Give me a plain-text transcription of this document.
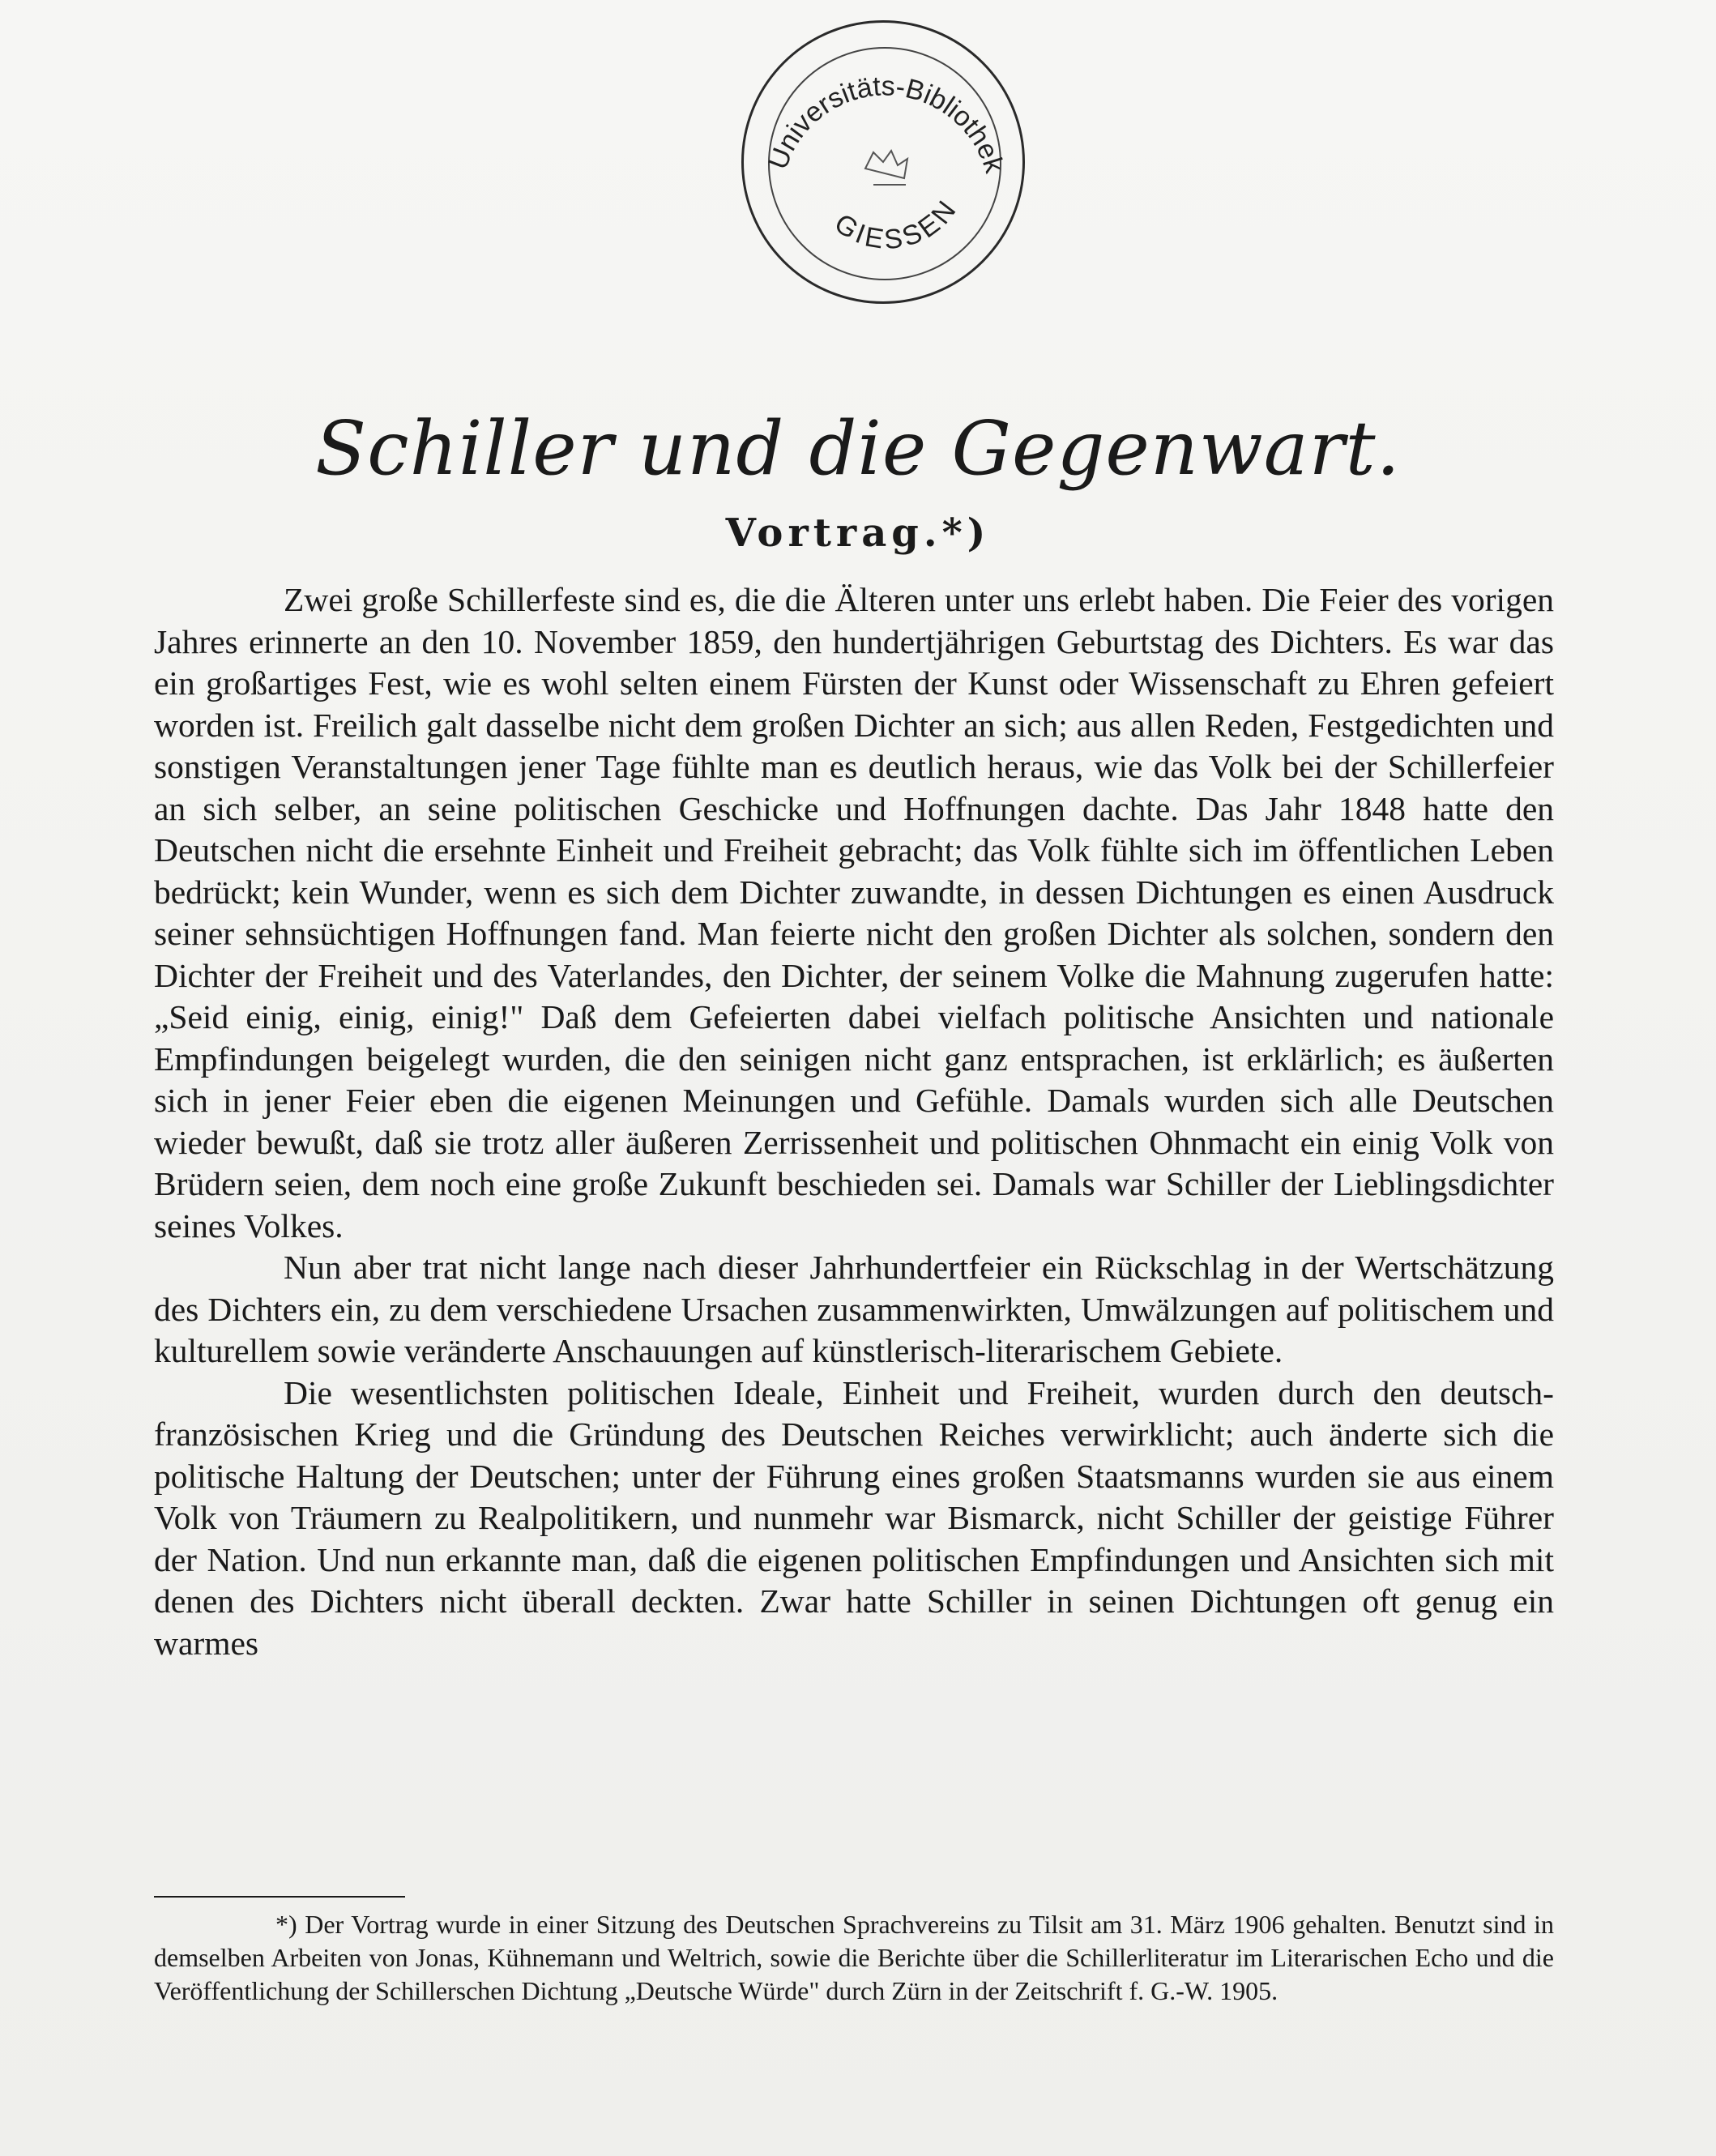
Universitäts-Bibliothek
GIESSEN
Schiller und die Gegenwart.
Vortrag.*)

Zwei große Schillerfeste sind es, die die Älteren unter uns erlebt haben. Die Feier des vorigen Jahres erinnerte an den 10. November 1859, den hundertjährigen Geburtstag des Dichters. Es war das ein großartiges Fest, wie es wohl selten einem Fürsten der Kunst oder Wissenschaft zu Ehren gefeiert worden ist. Freilich galt dasselbe nicht dem großen Dichter an sich; aus allen Reden, Festgedichten und sonstigen Veranstaltungen jener Tage fühlte man es deutlich heraus, wie das Volk bei der Schillerfeier an sich selber, an seine politischen Geschicke und Hoffnungen dachte. Das Jahr 1848 hatte den Deutschen nicht die ersehnte Einheit und Freiheit gebracht; das Volk fühlte sich im öffentlichen Leben bedrückt; kein Wunder, wenn es sich dem Dichter zuwandte, in dessen Dichtungen es einen Ausdruck seiner sehnsüchtigen Hoffnungen fand. Man feierte nicht den großen Dichter als solchen, sondern den Dichter der Freiheit und des Vaterlandes, den Dichter, der seinem Volke die Mahnung zugerufen hatte: „Seid einig, einig, einig!" Daß dem Gefeierten dabei vielfach politische Ansichten und nationale Empfindungen beigelegt wurden, die den seinigen nicht ganz entsprachen, ist erklärlich; es äußerten sich in jener Feier eben die eigenen Meinungen und Gefühle. Damals wurden sich alle Deutschen wieder bewußt, daß sie trotz aller äußeren Zerrissenheit und politischen Ohnmacht ein einig Volk von Brüdern seien, dem noch eine große Zukunft beschieden sei. Damals war Schiller der Lieblingsdichter seines Volkes.

Nun aber trat nicht lange nach dieser Jahrhundertfeier ein Rückschlag in der Wertschätzung des Dichters ein, zu dem verschiedene Ursachen zusammenwirkten, Umwälzungen auf politischem und kulturellem sowie veränderte Anschauungen auf künstlerisch-literarischem Gebiete.

Die wesentlichsten politischen Ideale, Einheit und Freiheit, wurden durch den deutsch-französischen Krieg und die Gründung des Deutschen Reiches verwirklicht; auch änderte sich die politische Haltung der Deutschen; unter der Führung eines großen Staatsmanns wurden sie aus einem Volk von Träumern zu Realpolitikern, und nunmehr war Bismarck, nicht Schiller der geistige Führer der Nation. Und nun erkannte man, daß die eigenen politischen Empfindungen und Ansichten sich mit denen des Dichters nicht überall deckten. Zwar hatte Schiller in seinen Dichtungen oft genug ein warmes

*) Der Vortrag wurde in einer Sitzung des Deutschen Sprachvereins zu Tilsit am 31. März 1906 gehalten. Benutzt sind in demselben Arbeiten von Jonas, Kühnemann und Weltrich, sowie die Berichte über die Schillerliteratur im Literarischen Echo und die Veröffentlichung der Schillerschen Dichtung „Deutsche Würde" durch Zürn in der Zeitschrift f. G.-W. 1905.
